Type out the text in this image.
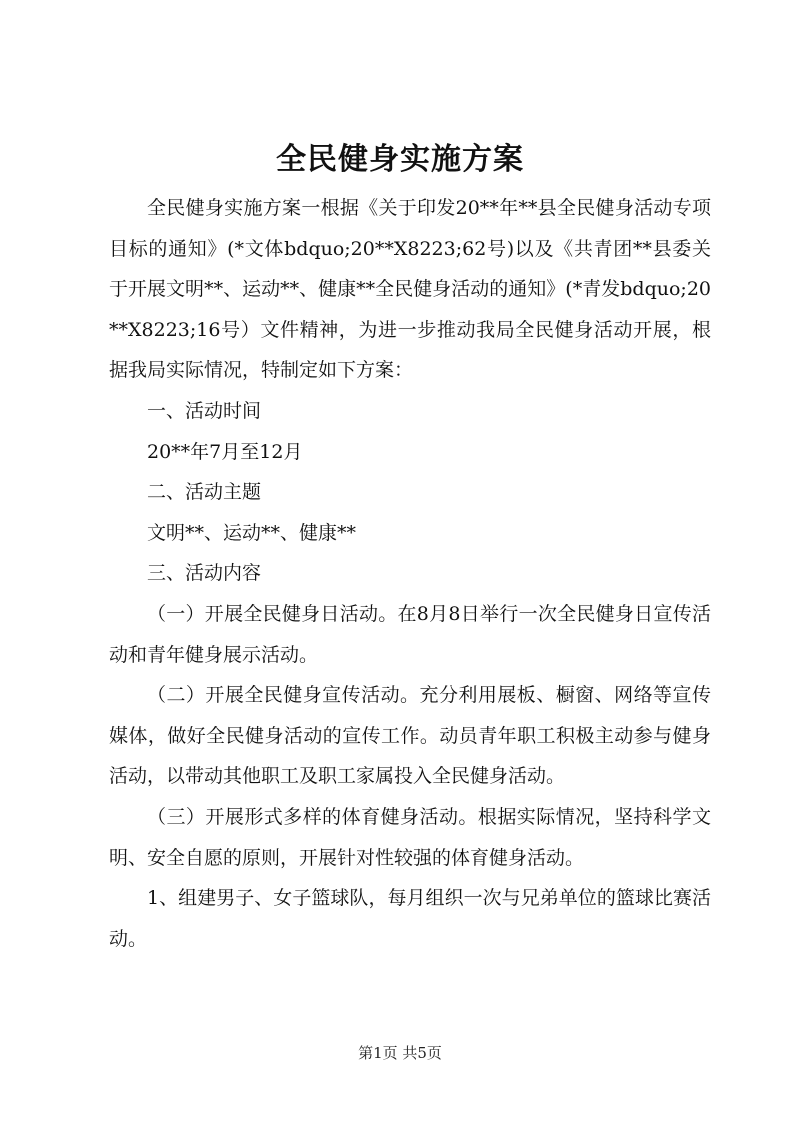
全民健身实施方案

全民健身实施方案一根据《关于印发20**年**县全民健身活动专项目标的通知》(*文体bdquo;20**X8223;62号)以及《共青团**县委关于开展文明**、运动**、健康**全民健身活动的通知》(*青发bdquo;20**X8223;16号）文件精神，为进一步推动我局全民健身活动开展，根据我局实际情况，特制定如下方案：

一、活动时间

20**年7月至12月

二、活动主题

文明**、运动**、健康**

三、活动内容

（一）开展全民健身日活动。在8月8日举行一次全民健身日宣传活动和青年健身展示活动。

（二）开展全民健身宣传活动。充分利用展板、橱窗、网络等宣传媒体，做好全民健身活动的宣传工作。动员青年职工积极主动参与健身活动，以带动其他职工及职工家属投入全民健身活动。

（三）开展形式多样的体育健身活动。根据实际情况，坚持科学文明、安全自愿的原则，开展针对性较强的体育健身活动。

1、组建男子、女子篮球队，每月组织一次与兄弟单位的篮球比赛活动。

第1页 共5页
